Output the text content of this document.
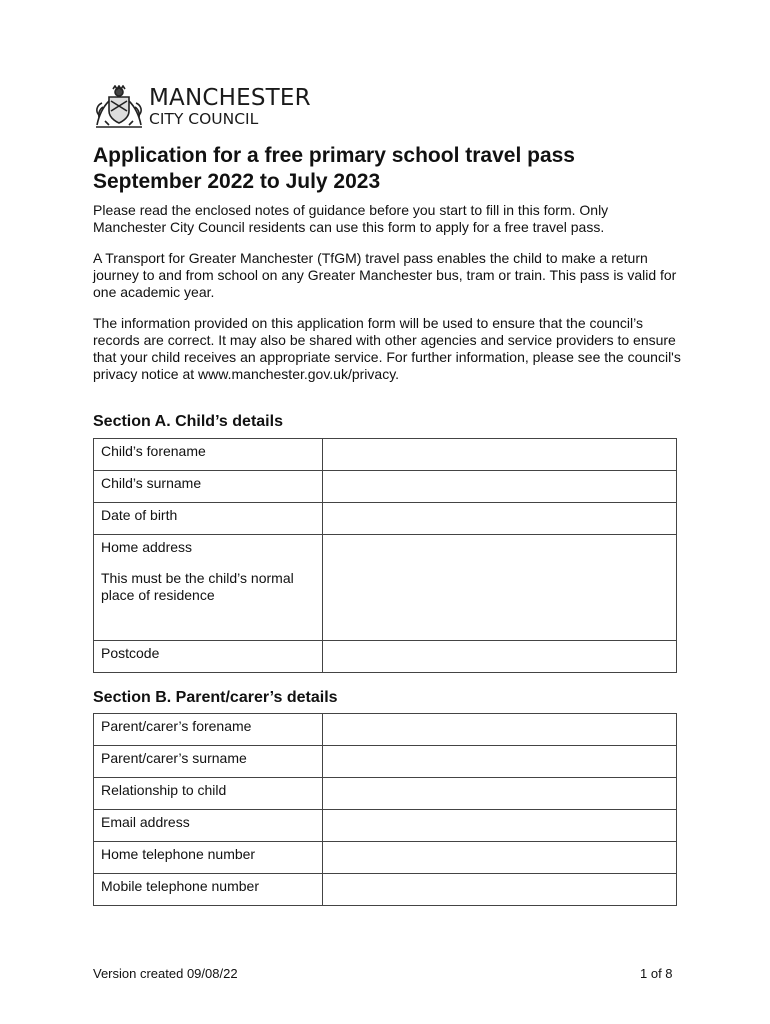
MANCHESTER
CITY COUNCIL
Application for a free primary school travel pass
September 2022 to July 2023

Please read the enclosed notes of guidance before you start to fill in this form. Only Manchester City Council residents can use this form to apply for a free travel pass.

A Transport for Greater Manchester (TfGM) travel pass enables the child to make a return journey to and from school on any Greater Manchester bus, tram or train. This pass is valid for one academic year.

The information provided on this application form will be used to ensure that the council’s records are correct. It may also be shared with other agencies and service providers to ensure that your child receives an appropriate service. For further information, please see the council's privacy notice at www.manchester.gov.uk/privacy.

Section A. Child’s details
Child’s forename	
Child’s surname	
Date of birth	
Home address
This must be the child’s normal place of residence	

Postcode	
Section B. Parent/carer’s details
Parent/carer’s forename	
Parent/carer’s surname	
Relationship to child	
Email address	
Home telephone number	
Mobile telephone number	
Version created 09/08/22	1 of 8
